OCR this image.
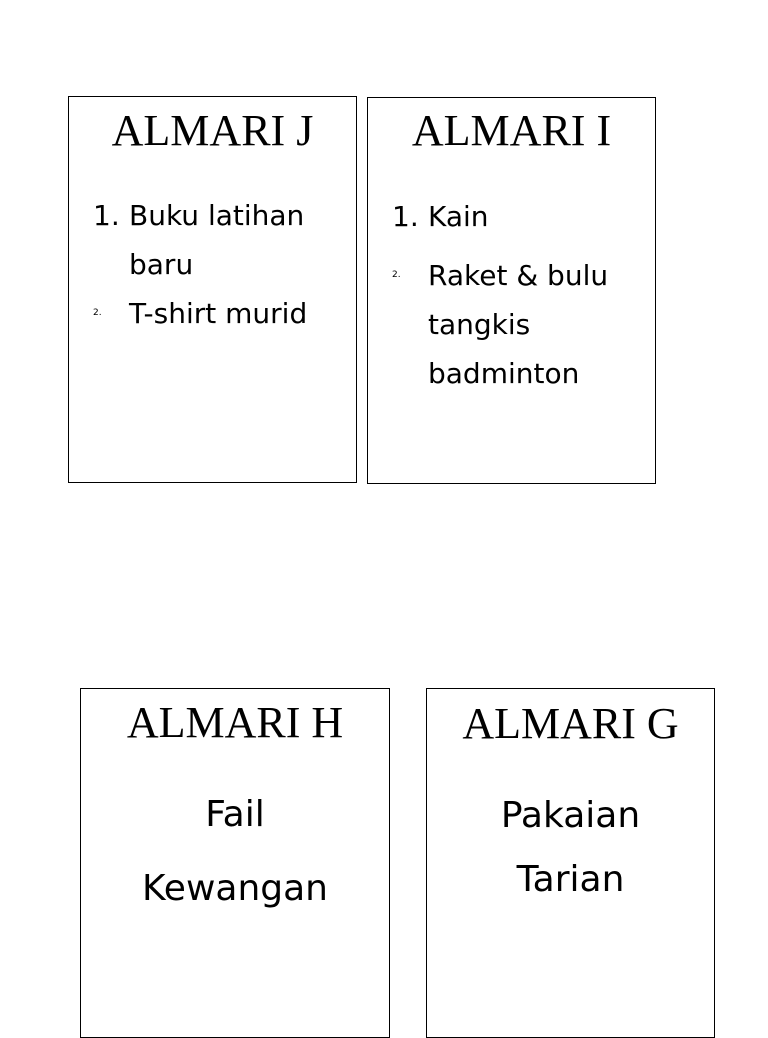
ALMARI J
1. Buku latihan
baru
2. T-shirt murid
ALMARI I
1. Kain
2. Raket & bulu
tangkis
badminton
ALMARI H
Fail
Kewangan
ALMARI G
Pakaian
Tarian
